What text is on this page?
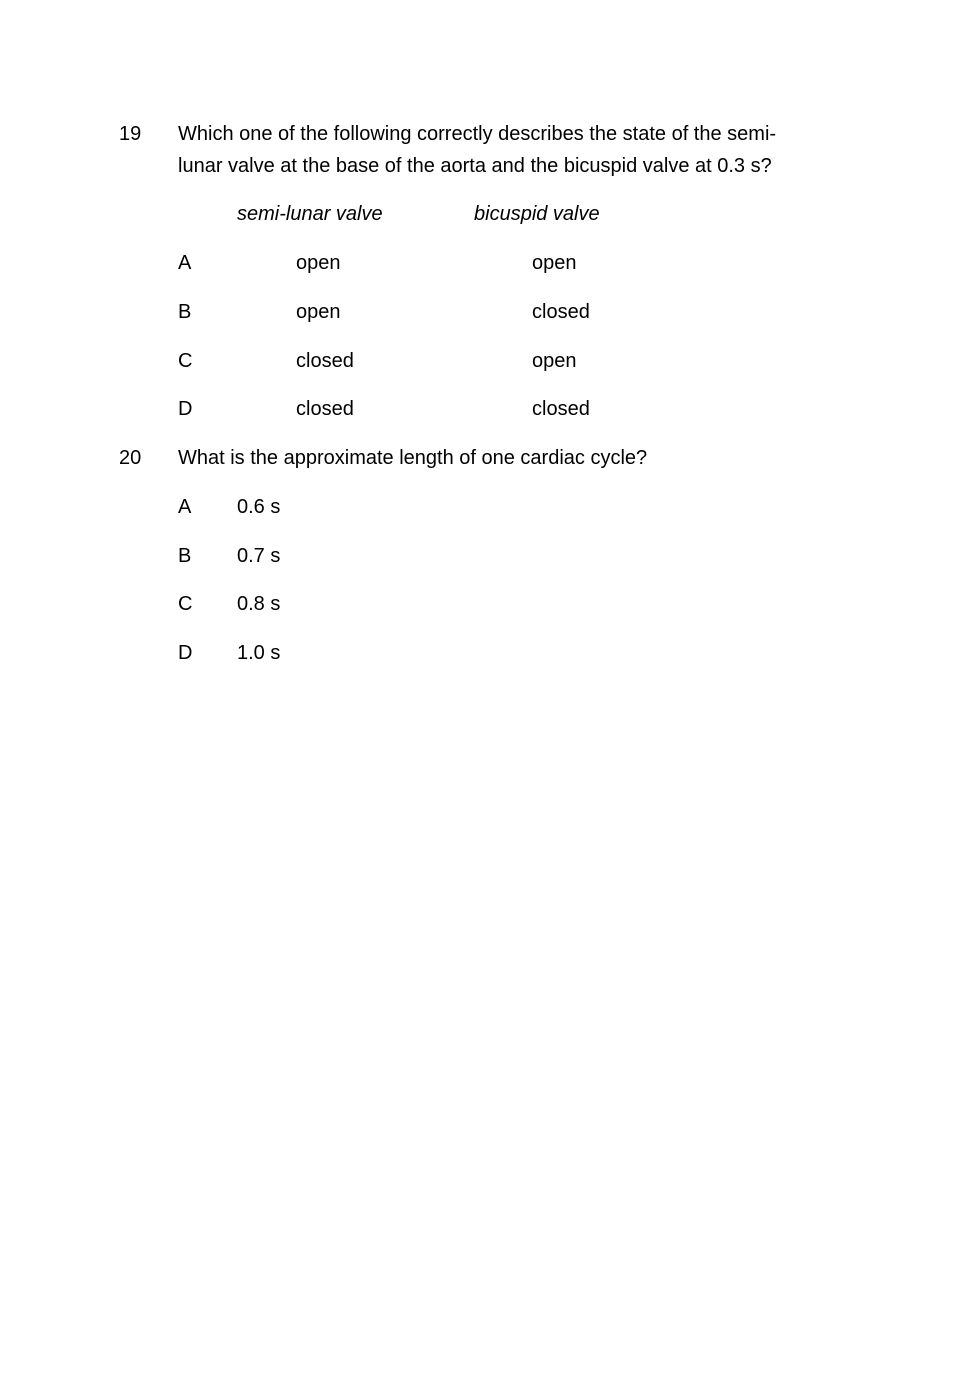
19 Which one of the following correctly describes the state of the semi-
lunar valve at the base of the aorta and the bicuspid valve at 0.3 s?
semi-lunar valve	bicuspid valve
A	open	open
B	open	closed
C	closed	open
D	closed	closed
20 What is the approximate length of one cardiac cycle?
A 0.6 s
B 0.7 s
C 0.8 s
D 1.0 s
